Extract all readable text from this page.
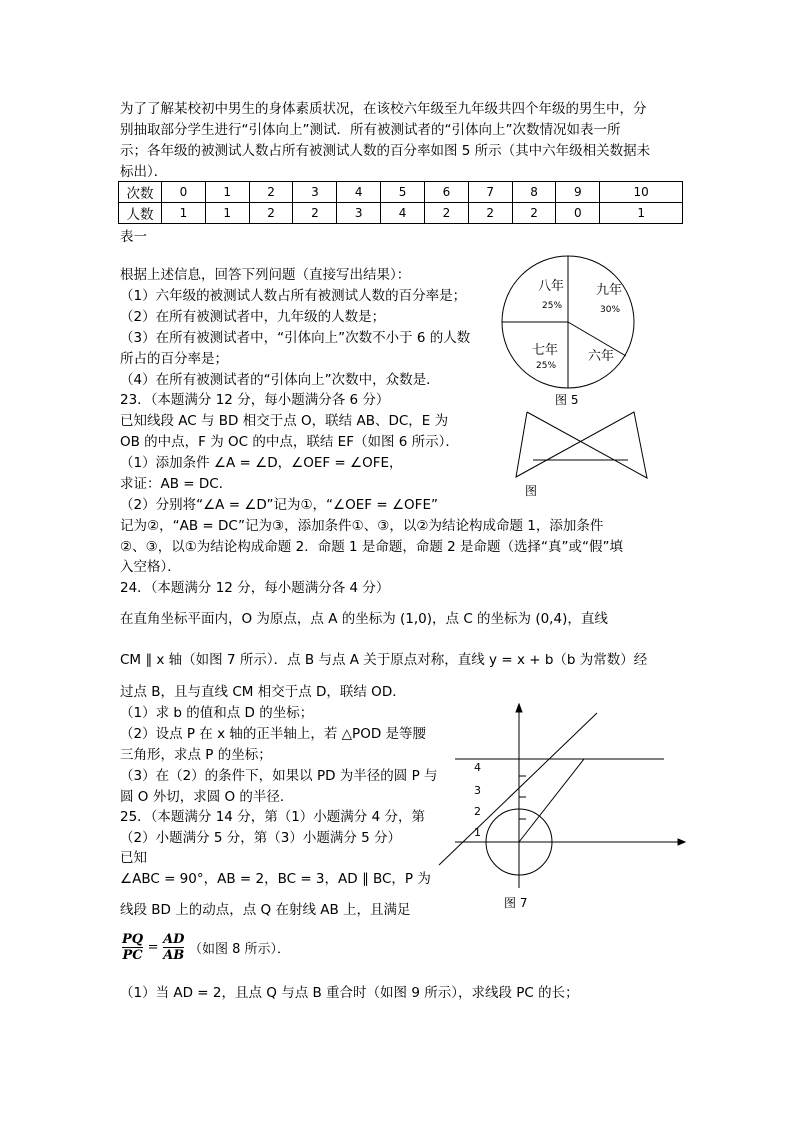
为了了解某校初中男生的身体素质状况，在该校六年级至九年级共四个年级的男生中，分
别抽取部分学生进行“引体向上”测试．所有被测试者的“引体向上”次数情况如表一所
示；各年级的被测试人数占所有被测试人数的百分率如图 5 所示（其中六年级相关数据未
标出）．
次数	0	1	2	3	4	5	6	7	8	9	10
人数	1	1	2	2	3	4	2	2	2	0	1
表一
根据上述信息，回答下列问题（直接写出结果）：
（1）六年级的被测试人数占所有被测试人数的百分率是；
（2）在所有被测试者中，九年级的人数是；
（3）在所有被测试者中，“引体向上”次数不小于 6 的人数
所占的百分率是；
（4）在所有被测试者的“引体向上”次数中，众数是．
23．（本题满分 12 分，每小题满分各 6 分）
已知线段 AC 与 BD 相交于点 O，联结 AB、DC，E 为
OB 的中点，F 为 OC 的中点，联结 EF（如图 6 所示）．
（1）添加条件 ∠A = ∠D，∠OEF = ∠OFE，
求证：AB = DC．
（2）分别将“∠A = ∠D”记为①，“∠OEF = ∠OFE”
记为②，“AB = DC”记为③，添加条件①、③，以②为结论构成命题 1，添加条件
②、③，以①为结论构成命题 2．命题 1 是命题，命题 2 是命题（选择“真”或“假”填
入空格）．
24．（本题满分 12 分，每小题满分各 4 分）
在直角坐标平面内，O 为原点，点 A 的坐标为 (1,0)，点 C 的坐标为 (0,4)，直线
CM ∥ x 轴（如图 7 所示）．点 B 与点 A 关于原点对称，直线 y = x + b（b 为常数）经
过点 B，且与直线 CM 相交于点 D，联结 OD．
（1）求 b 的值和点 D 的坐标；
（2）设点 P 在 x 轴的正半轴上，若 △POD 是等腰
三角形，求点 P 的坐标；
（3）在（2）的条件下，如果以 PD 为半径的圆 P 与
圆 O 外切，求圆 O 的半径．
25．（本题满分 14 分，第（1）小题满分 4 分，第
（2）小题满分 5 分，第（3）小题满分 5 分）
已知
∠ABC = 90°，AB = 2，BC = 3，AD ∥ BC，P 为
线段 BD 上的动点，点 Q 在射线 AB 上，且满足
（1）当 AD = 2，且点 Q 与点 B 重合时（如图 9 所示），求线段 PC 的长；
$\frac{PQ}{PC} = \frac{AD}{AB}$ （如图 8 所示）．
八年 九年
七年 六年
25%	30%
25%
图 5
图
4
3
2
1
图 7
